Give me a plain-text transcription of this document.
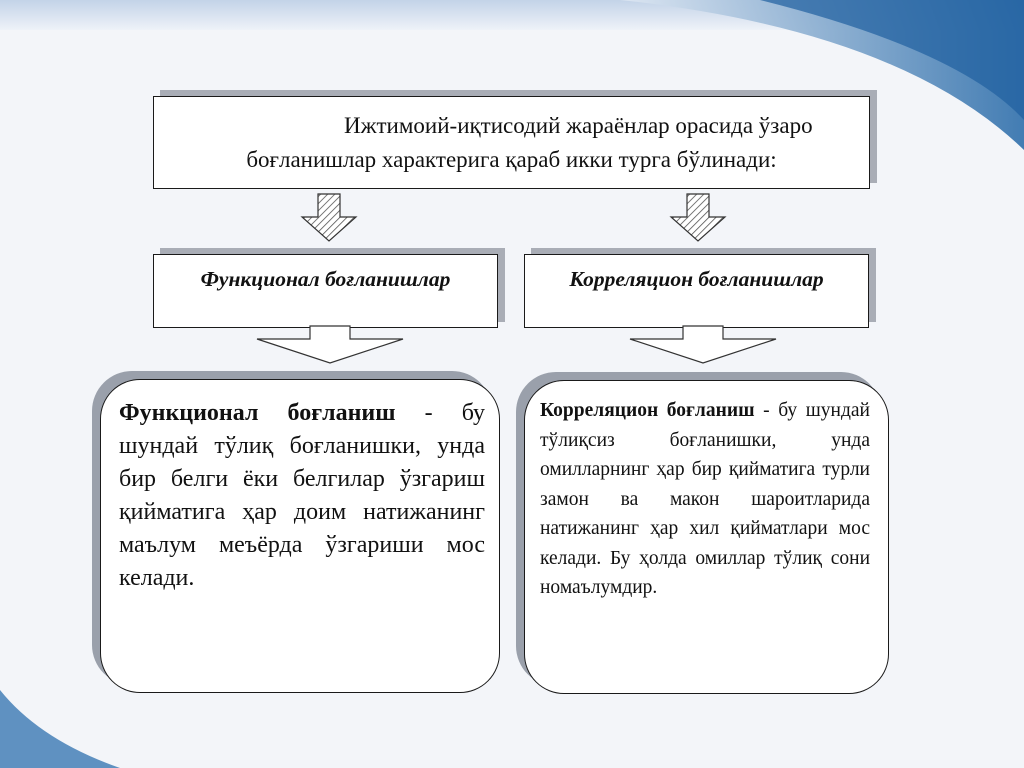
Ижтимоий-иқтисодий жараёнлар орасида ўзаро
боғланишлар характерига қараб икки турга бўлинади:
Функционал боғланишлар	Корреляцион боғланишлар

Функционал боғланиш - бу шундай тўлиқ боғланишки, унда бир белги ёки белгилар ўзгариш қийматига ҳар доим натижанинг маълум меъёрда ўзгариши мос келади.

Корреляцион боғланиш - бу шундай тўлиқсиз боғланишки, унда омилларнинг ҳар бир қийматига турли замон ва макон шароитларида натижанинг ҳар хил қийматлари мос келади. Бу ҳолда омиллар тўлиқ сони номаълумдир.
